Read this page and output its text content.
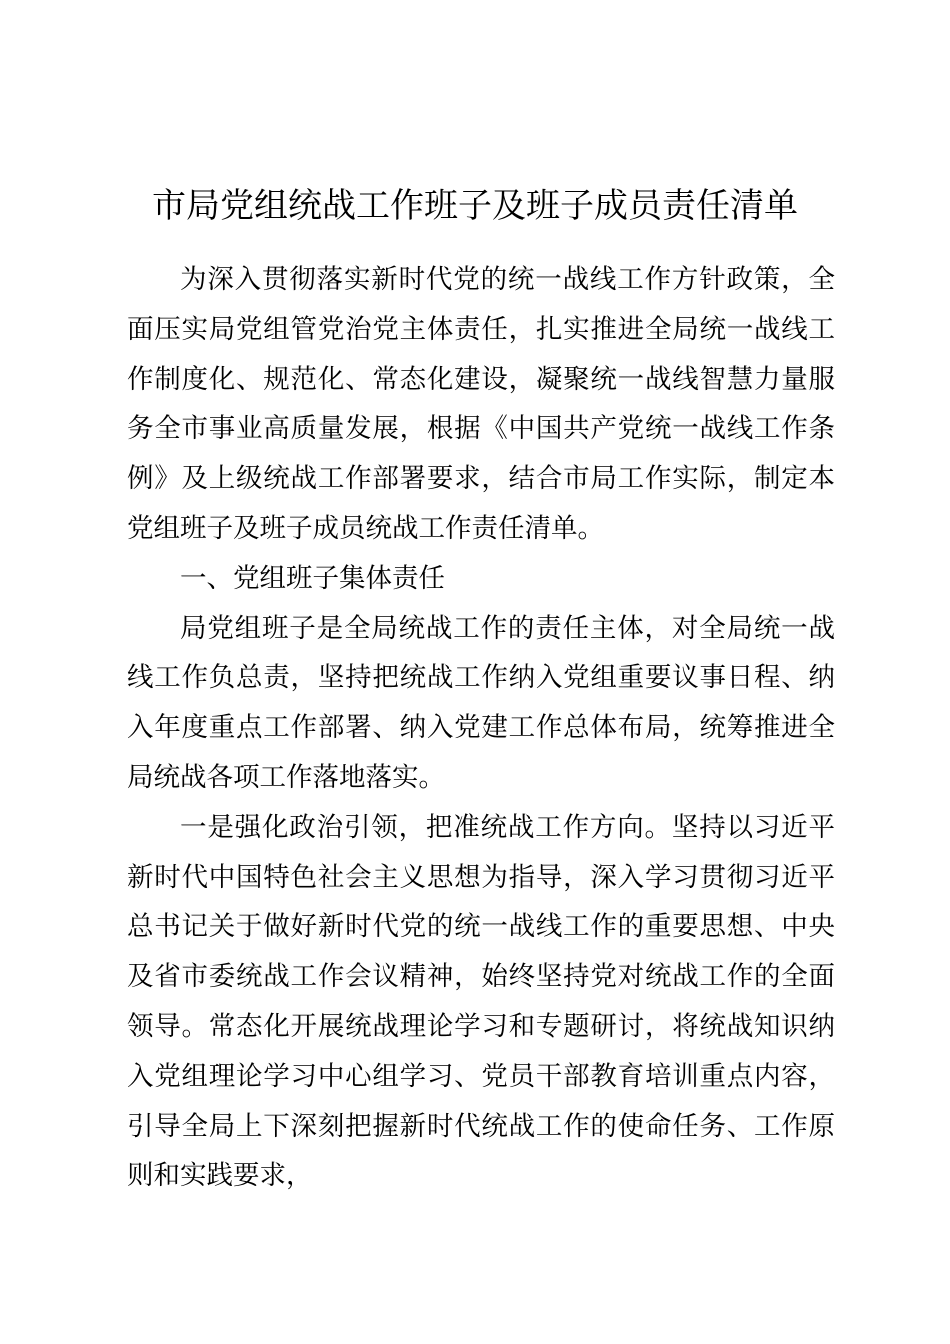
市局党组统战工作班子及班子成员责任清单

为深入贯彻落实新时代党的统一战线工作方针政策，全面压实局党组管党治党主体责任，扎实推进全局统一战线工作制度化、规范化、常态化建设，凝聚统一战线智慧力量服务全市事业高质量发展，根据《中国共产党统一战线工作条例》及上级统战工作部署要求，结合市局工作实际，制定本党组班子及班子成员统战工作责任清单。

一、党组班子集体责任

局党组班子是全局统战工作的责任主体，对全局统一战线工作负总责，坚持把统战工作纳入党组重要议事日程、纳入年度重点工作部署、纳入党建工作总体布局，统筹推进全局统战各项工作落地落实。

一是强化政治引领，把准统战工作方向。坚持以习近平新时代中国特色社会主义思想为指导，深入学习贯彻习近平总书记关于做好新时代党的统一战线工作的重要思想、中央及省市委统战工作会议精神，始终坚持党对统战工作的全面领导。常态化开展统战理论学习和专题研讨，将统战知识纳入党组理论学习中心组学习、党员干部教育培训重点内容，引导全局上下深刻把握新时代统战工作的使命任务、工作原则和实践要求，
